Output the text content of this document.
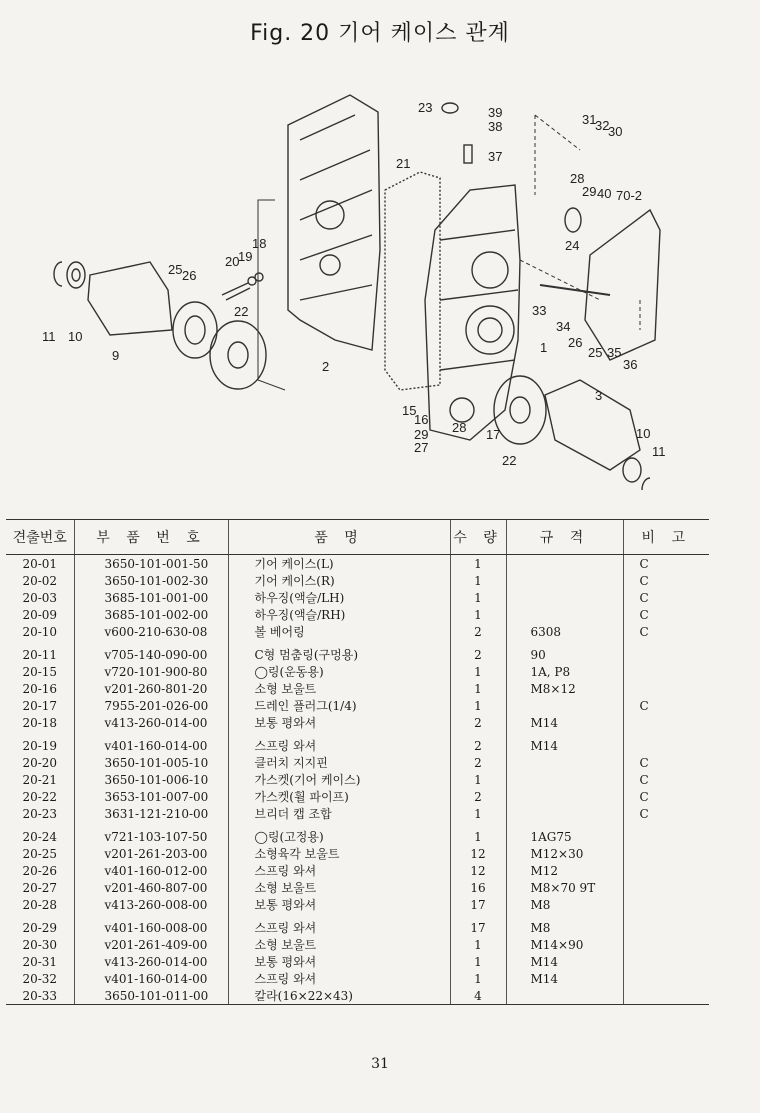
Fig. 20 기어 케이스 관계
23	39
38
37
31
32
30
21
28
29 40 70-2
24
18
19
20
25 26
11 10
9
22
2
33
34
1 26
25 35
36
3
15
16
28 17
29
27
22
10
11
견출번호	부 품 번 호	품 명	수 량	규 격	비 고
20-01	3650-101-001-50	기어 케이스(L)	1		C
20-02	3650-101-002-30	기어 케이스(R)	1		C
20-03	3685-101-001-00	하우징(액슬/LH)	1		C
20-09	3685-101-002-00	하우징(액슬/RH)	1		C
20-10	v600-210-630-08	볼 베어링	2	6308	C
20-11	v705-140-090-00	C형 멈춤링(구멍용)	2	90	
20-15	v720-101-900-80	◯링(운동용)	1	1A, P8	
20-16	v201-260-801-20	소형 보울트	1	M8×12	
20-17	7955-201-026-00	드레인 플러그(1/4)	1		C
20-18	v413-260-014-00	보통 평와셔	2	M14	
20-19	v401-160-014-00	스프링 와셔	2	M14	
20-20	3650-101-005-10	클러치 지지핀	2		C
20-21	3650-101-006-10	가스켓(기어 케이스)	1		C
20-22	3653-101-007-00	가스켓(휠 파이프)	2		C
20-23	3631-121-210-00	브리더 캡 조합	1		C
20-24	v721-103-107-50	◯링(고정용)	1	1AG75	
20-25	v201-261-203-00	소형육각 보울트	12	M12×30	
20-26	v401-160-012-00	스프링 와셔	12	M12	
20-27	v201-460-807-00	소형 보울트	16	M8×70 9T	
20-28	v413-260-008-00	보통 평와셔	17	M8	
20-29	v401-160-008-00	스프링 와셔	17	M8	
20-30	v201-261-409-00	소형 보울트	1	M14×90	
20-31	v413-260-014-00	보통 평와셔	1	M14	
20-32	v401-160-014-00	스프링 와셔	1	M14	
20-33	3650-101-011-00	칼라(16×22×43)	4		
31
